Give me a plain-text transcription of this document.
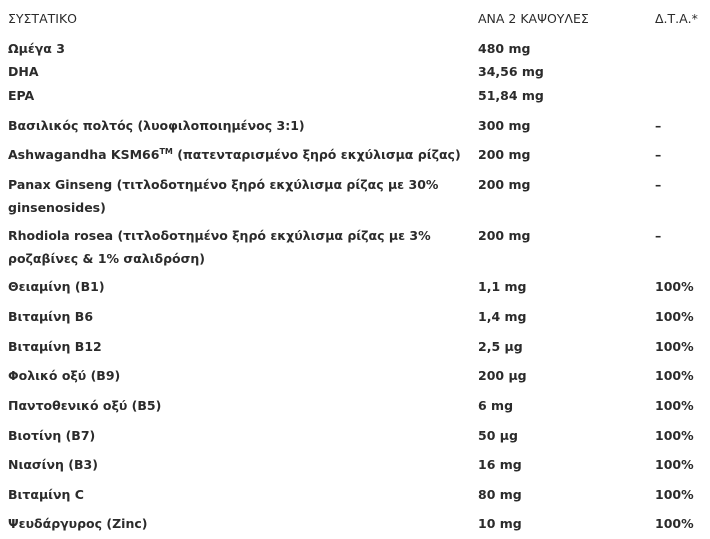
ΣΥΣΤΑΤΙΚΟ	ΑΝΑ 2 ΚΑΨΟΥΛΕΣ	Δ.Τ.Α.*
Ωμέγα 3	480 mg
DHA	34,56 mg
EPA	51,84 mg
Βασιλικός πολτός (λυοφιλοποιημένος 3:1)	300 mg	–
Ashwagandha KSM66™ (πατενταρισμένο ξηρό εκχύλισμα ρίζας)	200 mg	–
Panax Ginseng (τιτλοδοτημένο ξηρό εκχύλισμα ρίζας με 30% ginsenosides)
200 mg	–
Rhodiola rosea (τιτλοδοτημένο ξηρό εκχύλισμα ρίζας με 3% ροζαβίνες & 1% σαλιδρόση)
200 mg	–
Θειαμίνη (B1)	1,1 mg	100%
Βιταμίνη B6	1,4 mg	100%
Βιταμίνη B12	2,5 μg	100%
Φολικό οξύ (B9)	200 μg	100%
Παντοθενικό οξύ (B5)	6 mg	100%
Βιοτίνη (B7)	50 μg	100%
Νιασίνη (B3)	16 mg	100%
Βιταμίνη C	80 mg	100%
Ψευδάργυρος (Zinc)	10 mg	100%
